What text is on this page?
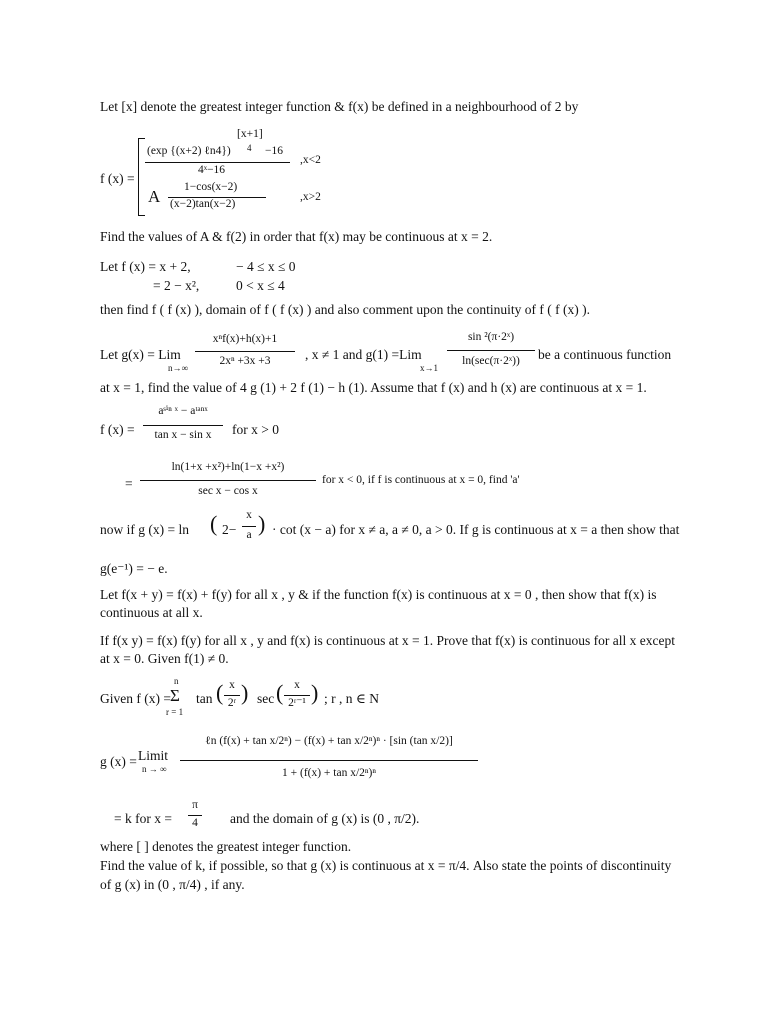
Let [x] denote the greatest integer function & f(x) be defined in a neighbourhood of 2 by
f (x) =
[x+1]
4
(exp {(x+2) ℓn4})	−16
4ˣ−16
,x<2
A 1−cos(x−2)
(x−2)tan(x−2)
,x>2
Find the values of A & f(2) in order that f(x) may be continuous at x = 2.
Let f (x) = x + 2,	− 4 ≤ x ≤ 0
= 2 − x²,	0 < x ≤ 4
then find f ( f (x) ), domain of f ( f (x) ) and also comment upon the continuity of f ( f (x) ).
Let g(x) = Lim
n→∞
xⁿf(x)+h(x)+1
2xⁿ +3x +3	, x ≠ 1 and g(1) =Lim
x→1
sin ²(π·2ˣ)
ln(sec(π·2ˣ))	be a continuous function
at x = 1, find the value of 4 g (1) + 2 f (1) − h (1). Assume that f (x) and h (x) are continuous at x = 1.
f (x) =
aˢⁱⁿ ˣ − aᵗᵃⁿˣ
tan x − sin x	for x > 0
=
ln(1+x +x²)+ln(1−x +x²)
sec x − cos x
for x < 0, if f is continuous at x = 0, find 'a'
now if g (x) = ln ( 2−
x
a ) · cot (x − a) for x ≠ a, a ≠ 0, a > 0. If g is continuous at x = a then show that
g(e⁻¹) = − e.
Let f(x + y) = f(x) + f(y) for all x , y & if the function f(x) is continuous at x = 0 , then show that f(x) is
continuous at all x.
If f(x y) = f(x) f(y) for all x , y and f(x) is continuous at x = 1. Prove that f(x) is continuous for all x except
at x = 0. Given f(1) ≠ 0.
Given f (x) =
n
Σ
r = 1
tan ( x
2ʳ ) sec ( x
2ʳ⁻¹ ) ; r , n ∈ N
g (x) = Limit
n → ∞
ℓn (f(x) + tan x/2ⁿ) − (f(x) + tan x/2ⁿ)ⁿ · [sin (tan x/2)]
1 + (f(x) + tan x/2ⁿ)ⁿ
= k for x =
π
4	and the domain of g (x) is (0 , π/2).
where [ ] denotes the greatest integer function.
Find the value of k, if possible, so that g (x) is continuous at x = π/4. Also state the points of discontinuity
of g (x) in (0 , π/4) , if any.
